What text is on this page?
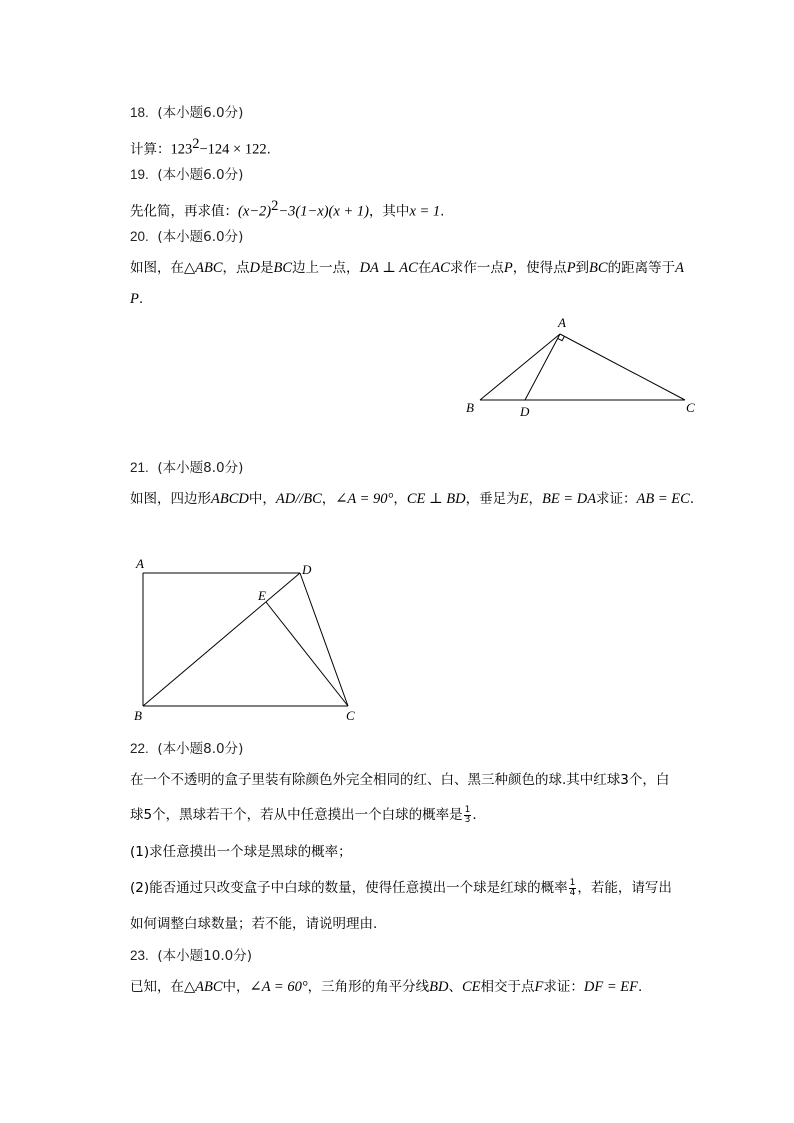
18. (本小题6.0分)
计算：$123^2-124 \times 122$.
19. (本小题6.0分)
先化简，再求值：$(x-2)^2-3(1-x)(x + 1)$，其中x = 1.
20. (本小题6.0分)
如图，在△ABC，点D是BC边上一点，DA ⊥ AC在AC求作一点P，使得点P到BC的距离等于A
P.
A
B	C
D
21. (本小题8.0分)
如图，四边形ABCD中，AD//BC，∠A = 90°，CE ⊥ BD，垂足为E，BE = DA求证：AB = EC.
A	D
E
B	C
22. (本小题8.0分)
在一个不透明的盒子里装有除颜色外完全相同的红、白、黑三种颜色的球.其中红球3个，白
球5个，黑球若干个，若从中任意摸出一个白球的概率是 $\frac{1}{3}$ .
(1)求任意摸出一个球是黑球的概率；
(2)能否通过只改变盒子中白球的数量，使得任意摸出一个球是红球的概率 $\frac{1}{4}$ ，若能，请写出
如何调整白球数量；若不能，请说明理由.
23. (本小题10.0分)
已知，在△ABC中，∠A = 60°，三角形的角平分线BD、CE相交于点F求证：DF = EF.
